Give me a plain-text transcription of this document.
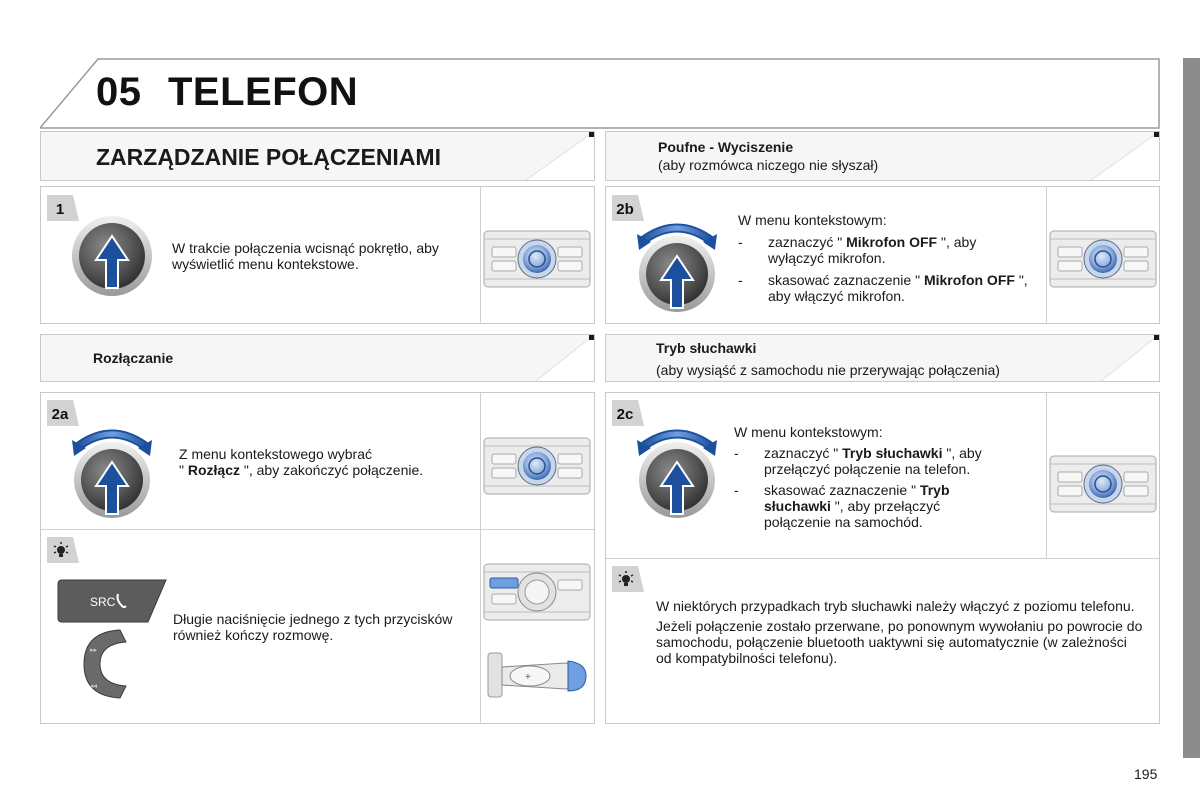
05 TELEFON
ZARZĄDZANIE POŁĄCZENIAMI
1
W trakcie połączenia wcisnąć pokrętło, aby wyświetlić menu kontekstowe.
Rozłączanie
2a
Z menu kontekstowego wybrać
" Rozłącz ", aby zakończyć połączenie.
SRC
▸▸
◂◂
Długie naciśnięcie jednego z tych przycisków również kończy rozmowę.
+
Poufne - Wyciszenie
(aby rozmówca niczego nie słyszał)
2b
W menu kontekstowym:
-	zaznaczyć " Mikrofon OFF ", aby wyłączyć mikrofon.
-	skasować zaznaczenie " Mikrofon OFF ", aby włączyć mikrofon.
Tryb słuchawki
(aby wysiąść z samochodu nie przerywając połączenia)
2c
W menu kontekstowym:
-	zaznaczyć " Tryb słuchawki ", aby przełączyć połączenie na telefon.
-	skasować zaznaczenie " Tryb słuchawki ", aby przełączyć połączenie na samochód.
W niektórych przypadkach tryb słuchawki należy włączyć z poziomu telefonu.
Jeżeli połączenie zostało przerwane, po ponownym wywołaniu po powrocie do samochodu, połączenie bluetooth uaktywni się automatycznie (w zależności od kompatybilności telefonu).
195
